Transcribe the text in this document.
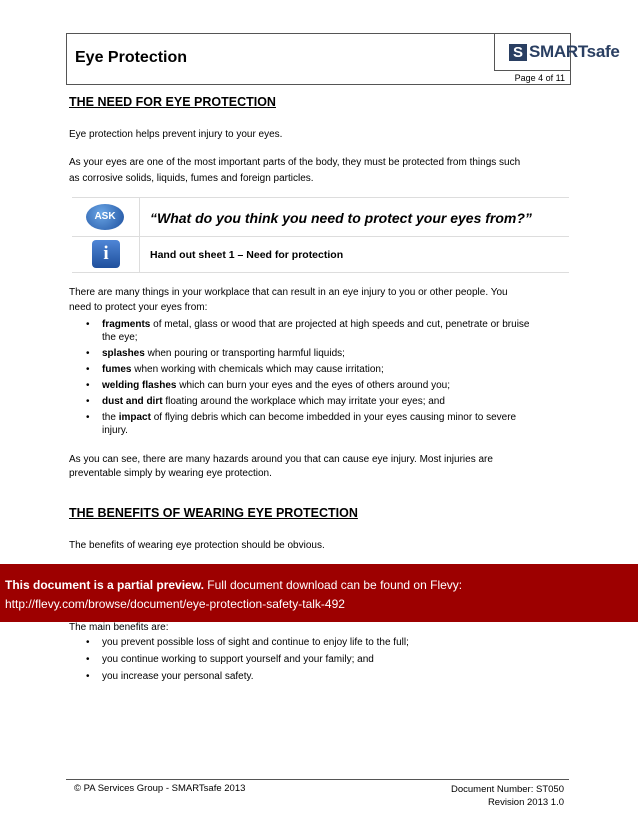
Eye Protection	S SMARTsafe
Page 4 of 11
THE NEED FOR EYE PROTECTION
Eye protection helps prevent injury to your eyes.
As your eyes are one of the most important parts of the body, they must be protected from things such
as corrosive solids, liquids, fumes and foreign particles.
ASK	“What do you think you need to protect your eyes from?”
i	Hand out sheet 1 – Need for protection
There are many things in your workplace that can result in an eye injury to you or other people. You
need to protect your eyes from:
• fragments of metal, glass or wood that are projected at high speeds and cut, penetrate or bruise
the eye;
• splashes when pouring or transporting harmful liquids;
• fumes when working with chemicals which may cause irritation;
• welding flashes which can burn your eyes and the eyes of others around you;
• dust and dirt floating around the workplace which may irritate your eyes; and
• the impact of flying debris which can become imbedded in your eyes causing minor to severe
injury.
As you can see, there are many hazards around you that can cause eye injury. Most injuries are
preventable simply by wearing eye protection.
THE BENEFITS OF WEARING EYE PROTECTION
The benefits of wearing eye protection should be obvious.
The main benefits are:
• you prevent possible loss of sight and continue to enjoy life to the full;
• you continue working to support yourself and your family; and
• you increase your personal safety.
This document is a partial preview. Full document download can be found on Flevy:
http://flevy.com/browse/document/eye-protection-safety-talk-492
© PA Services Group - SMARTsafe 2013	Document Number: ST050
Revision 2013 1.0
